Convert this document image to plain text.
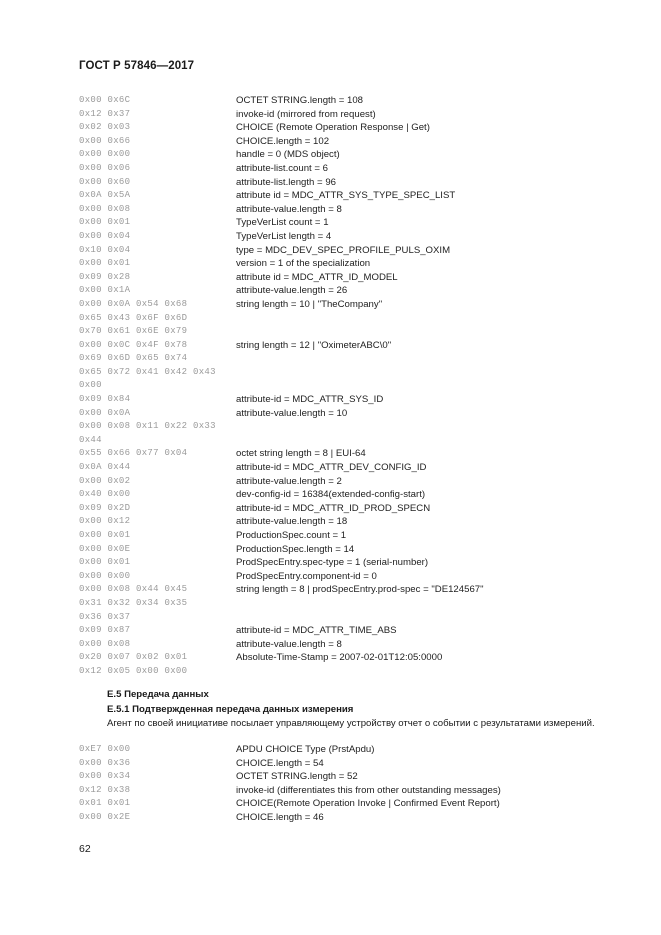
ГОСТ Р 57846—2017
0x00 0x6C	OCTET STRING.length = 108
0x12 0x37	invoke-id (mirrored from request)
0x02 0x03	CHOICE (Remote Operation Response | Get)
0x00 0x66	CHOICE.length = 102
0x00 0x00	handle = 0 (MDS object)
0x00 0x06	attribute-list.count = 6
0x00 0x60	attribute-list.length = 96
0x0A 0x5A	attribute id = MDC_ATTR_SYS_TYPE_SPEC_LIST
0x00 0x08	attribute-value.length = 8
0x00 0x01	TypeVerList count = 1
0x00 0x04	TypeVerList length = 4
0x10 0x04	type = MDC_DEV_SPEC_PROFILE_PULS_OXIM
0x00 0x01	version = 1 of the specialization
0x09 0x28	attribute id = MDC_ATTR_ID_MODEL
0x00 0x1A	attribute-value.length = 26
0x00 0x0A 0x54 0x68	string length = 10 | "TheCompany"
0x65 0x43 0x6F 0x6D
0x70 0x61 0x6E 0x79
0x00 0x0C 0x4F 0x78	string length = 12 | "OximeterABC\0"
0x69 0x6D 0x65 0x74
0x65 0x72 0x41 0x42 0x43
0x00
0x09 0x84	attribute-id = MDC_ATTR_SYS_ID
0x00 0x0A	attribute-value.length = 10
0x00 0x08 0x11 0x22 0x33
0x44
0x55 0x66 0x77 0x04	octet string length = 8 | EUI-64
0x0A 0x44	attribute-id = MDC_ATTR_DEV_CONFIG_ID
0x00 0x02	attribute-value.length = 2
0x40 0x00	dev-config-id = 16384(extended-config-start)
0x09 0x2D	attribute-id = MDC_ATTR_ID_PROD_SPECN
0x00 0x12	attribute-value.length = 18
0x00 0x01	ProductionSpec.count = 1
0x00 0x0E	ProductionSpec.length = 14
0x00 0x01	ProdSpecEntry.spec-type = 1 (serial-number)
0x00 0x00	ProdSpecEntry.component-id = 0
0x00 0x08 0x44 0x45	string length = 8 | prodSpecEntry.prod-spec = "DE124567"
0x31 0x32 0x34 0x35
0x36 0x37
0x09 0x87	attribute-id = MDC_ATTR_TIME_ABS
0x00 0x08	attribute-value.length = 8
0x20 0x07 0x02 0x01	Absolute-Time-Stamp = 2007-02-01T12:05:0000
0x12 0x05 0x00 0x00
E.5 Передача данных
E.5.1 Подтвержденная передача данных измерения
Агент по своей инициативе посылает управляющему устройству отчет о событии с результатами измерений.
0xE7 0x00	APDU CHOICE Type (PrstApdu)
0x00 0x36	CHOICE.length = 54
0x00 0x34	OCTET STRING.length = 52
0x12 0x38	invoke-id (differentiates this from other outstanding messages)
0x01 0x01	CHOICE(Remote Operation Invoke | Confirmed Event Report)
0x00 0x2E	CHOICE.length = 46
62
